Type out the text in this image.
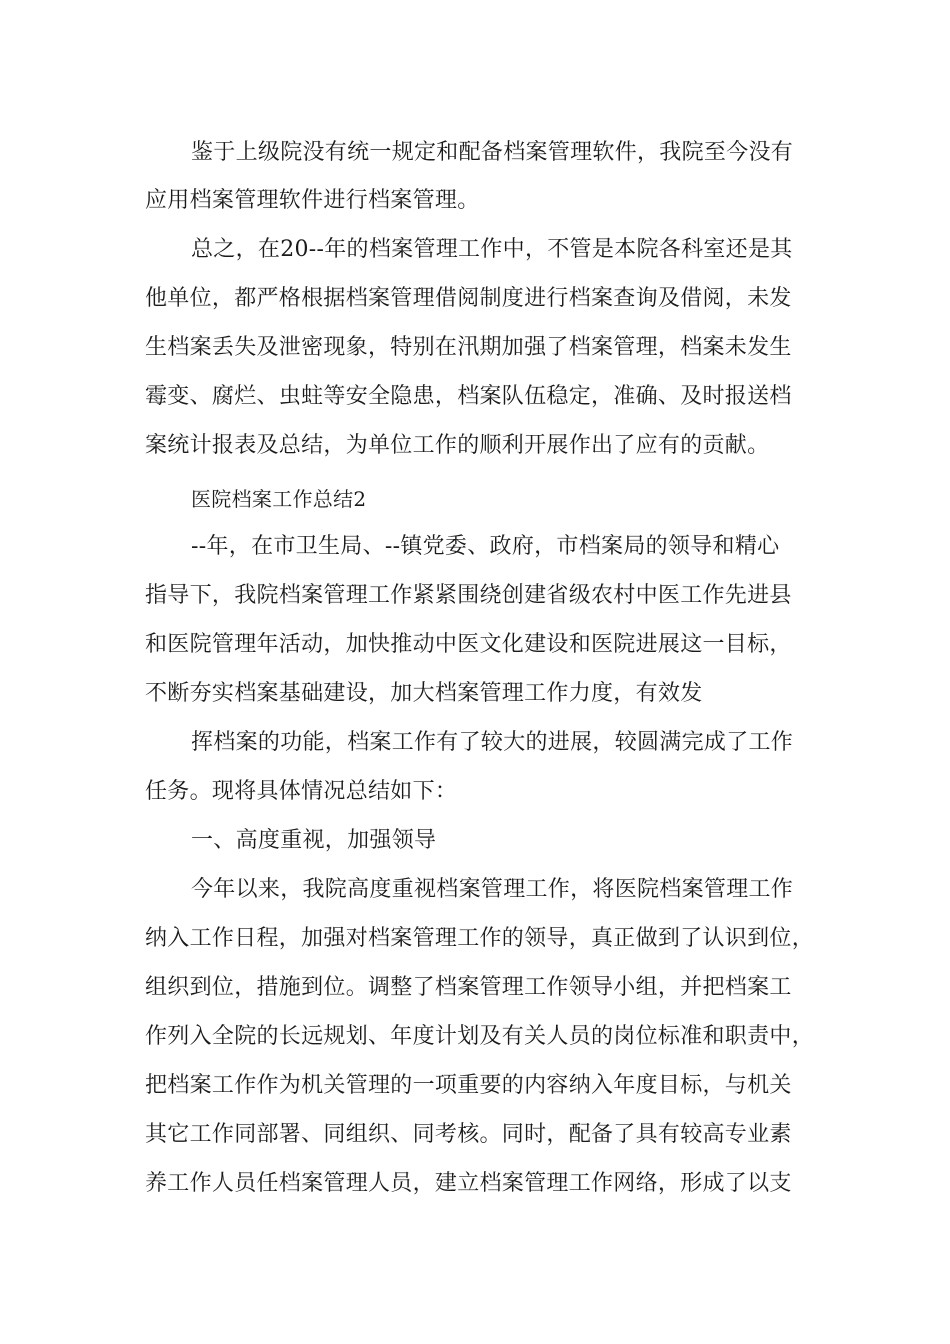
鉴于上级院没有统一规定和配备档案管理软件，我院至今没有
应用档案管理软件进行档案管理。
总之，在20--年的档案管理工作中，不管是本院各科室还是其
他单位，都严格根据档案管理借阅制度进行档案查询及借阅，未发
生档案丢失及泄密现象，特别在汛期加强了档案管理，档案未发生
霉变、腐烂、虫蛀等安全隐患，档案队伍稳定，准确、及时报送档
案统计报表及总结，为单位工作的顺利开展作出了应有的贡献。
医院档案工作总结2
--年，在市卫生局、--镇党委、政府，市档案局的领导和精心
指导下，我院档案管理工作紧紧围绕创建省级农村中医工作先进县
和医院管理年活动，加快推动中医文化建设和医院进展这一目标，
不断夯实档案基础建设，加大档案管理工作力度，有效发
挥档案的功能，档案工作有了较大的进展，较圆满完成了工作
任务。现将具体情况总结如下：
一、高度重视，加强领导
今年以来，我院高度重视档案管理工作，将医院档案管理工作
纳入工作日程，加强对档案管理工作的领导，真正做到了认识到位，
组织到位，措施到位。调整了档案管理工作领导小组，并把档案工
作列入全院的长远规划、年度计划及有关人员的岗位标准和职责中，
把档案工作作为机关管理的一项重要的内容纳入年度目标，与机关
其它工作同部署、同组织、同考核。同时，配备了具有较高专业素
养工作人员任档案管理人员，建立档案管理工作网络，形成了以支
